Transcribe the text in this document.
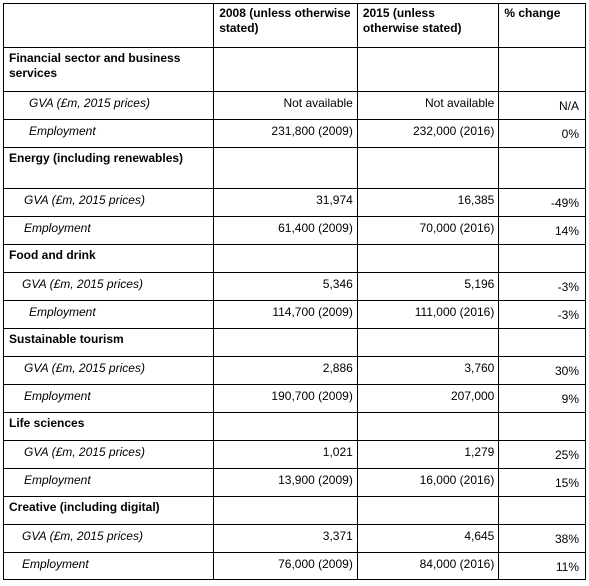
	2008 (unless otherwise stated)	2015 (unless otherwise stated)	% change
Financial sector and business services			
GVA (£m, 2015 prices)	Not available	Not available	N/A
Employment	231,800 (2009)	232,000 (2016)	0%
Energy (including renewables)			
GVA (£m, 2015 prices)	31,974	16,385	-49%
Employment	61,400 (2009)	70,000 (2016)	14%
Food and drink			
GVA (£m, 2015 prices)	5,346	5,196	-3%
Employment	114,700 (2009)	111,000 (2016)	-3%
Sustainable tourism			
GVA (£m, 2015 prices)	2,886	3,760	30%
Employment	190,700 (2009)	207,000	9%
Life sciences			
GVA (£m, 2015 prices)	1,021	1,279	25%
Employment	13,900 (2009)	16,000 (2016)	15%
Creative (including digital)			
GVA (£m, 2015 prices)	3,371	4,645	38%
Employment	76,000 (2009)	84,000 (2016)	11%
